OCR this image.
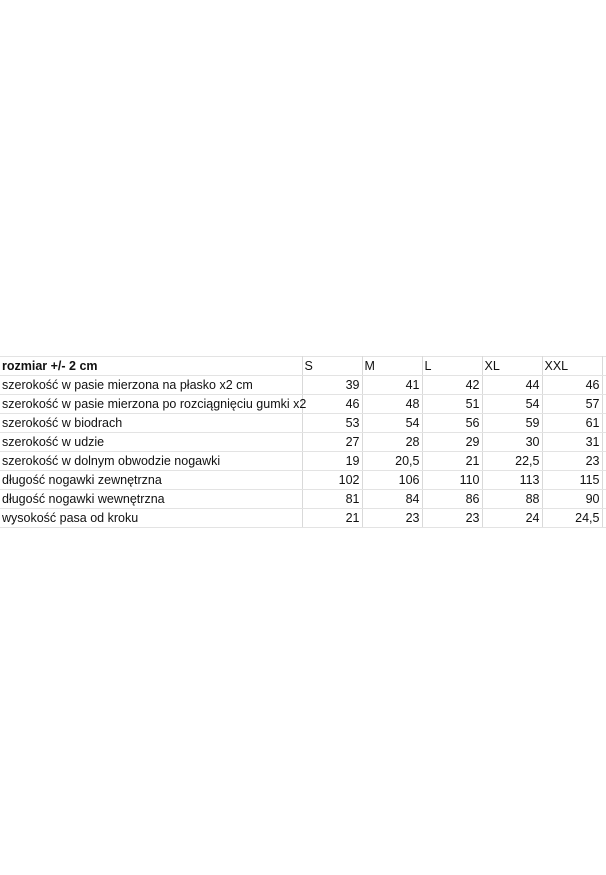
rozmiar +/- 2 cm	S	M	L	XL	XXL	
szerokość w pasie mierzona na płasko x2 cm	39	41	42	44	46	
szerokość w pasie mierzona po rozciągnięciu gumki x2	46	48	51	54	57	
szerokość w biodrach	53	54	56	59	61	
szerokość w udzie	27	28	29	30	31	
szerokość w dolnym obwodzie nogawki	19	20,5	21	22,5	23	
długość nogawki zewnętrzna	102	106	110	113	115	
długość nogawki wewnętrzna	81	84	86	88	90	
wysokość pasa od kroku	21	23	23	24	24,5	
